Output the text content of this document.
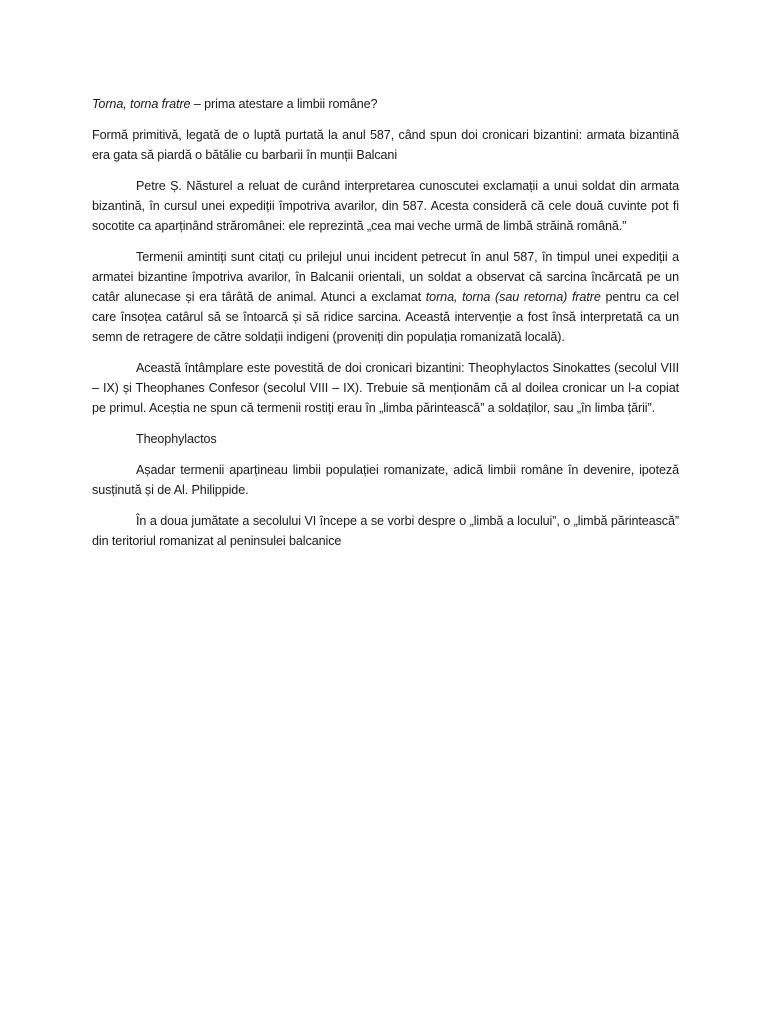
Torna, torna fratre – prima atestare a limbii române?

Formă primitivă, legată de o luptă purtată la anul 587, când spun doi cronicari bizantini: armata bizantină era gata să piardă o bătălie cu barbarii în munții Balcani

Petre Ș. Năsturel a reluat de curând interpretarea cunoscutei exclamații a unui soldat din armata bizantină, în cursul unei expediții împotriva avarilor, din 587. Acesta consideră că cele două cuvinte pot fi socotite ca aparținând străromânei: ele reprezintă „cea mai veche urmă de limbă străină română.”

Termenii amintiți sunt citați cu prilejul unui incident petrecut în anul 587, în timpul unei expediții a armatei bizantine împotriva avarilor, în Balcanii orientali, un soldat a observat că sarcina încărcată pe un catâr alunecase și era târâtă de animal. Atunci a exclamat torna, torna (sau retorna) fratre pentru ca cel care însoțea catârul să se întoarcă și să ridice sarcina. Această intervenție a fost însă interpretată ca un semn de retragere de către soldații indigeni (proveniți din populația romanizată locală).

Această întâmplare este povestită de doi cronicari bizantini: Theophylactos Sinokattes (secolul VIII – IX) și Theophanes Confesor (secolul VIII – IX). Trebuie să menționăm că al doilea cronicar un l-a copiat pe primul. Aceștia ne spun că termenii rostiți erau în „limba părintească” a soldaților, sau „în limba țării”.

Theophylactos

Așadar termenii aparțineau limbii populației romanizate, adică limbii române în devenire, ipoteză susținută și de Al. Philippide.

În a doua jumătate a secolului VI începe a se vorbi despre o „limbă a locului”, o „limbă părintească” din teritoriul romanizat al peninsulei balcanice
